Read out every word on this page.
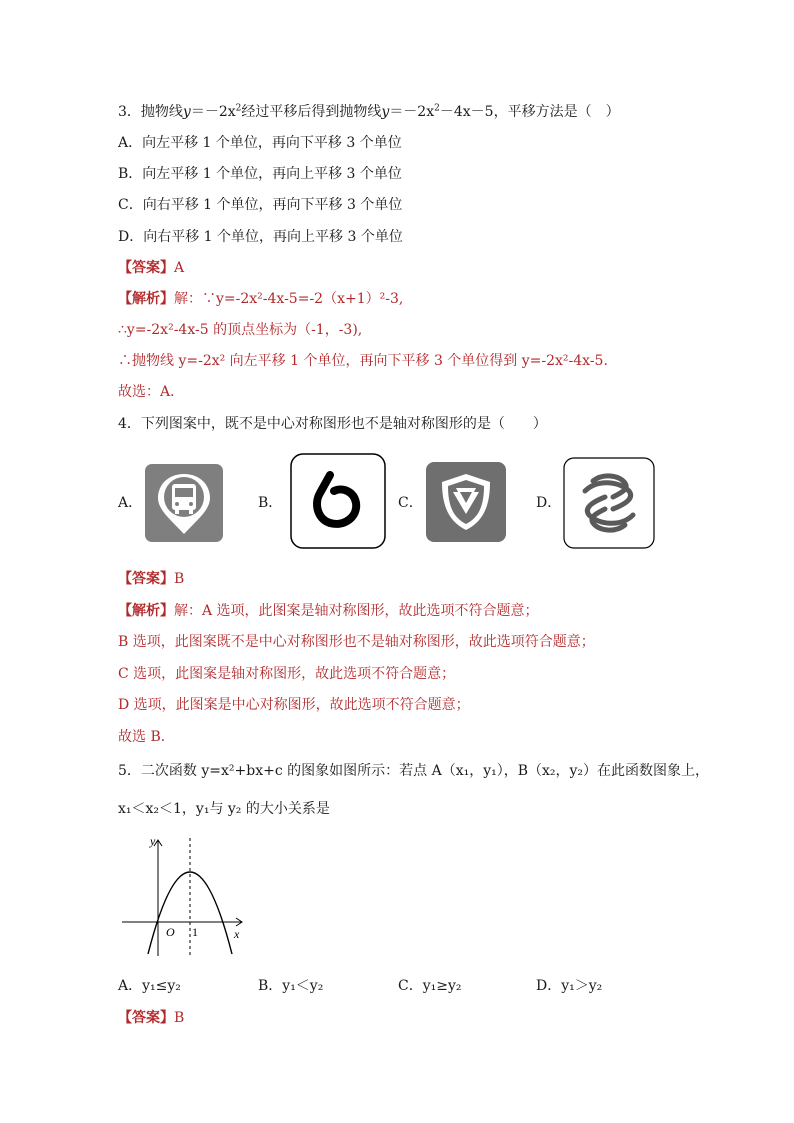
3．抛物线$y=-2x^2$经过平移后得到抛物线$y=-2x^2-4x-5$，平移方法是（　）
A．向左平移 1 个单位，再向下平移 3 个单位
B．向左平移 1 个单位，再向上平移 3 个单位
C．向右平移 1 个单位，再向下平移 3 个单位
D．向右平移 1 个单位，再向上平移 3 个单位
【答案】A
【解析】解：∵y=-2x²-4x-5=-2（x+1）²-3,
∴y=-2x²-4x-5 的顶点坐标为（-1，-3),
∴抛物线 y=-2x² 向左平移 1 个单位，再向下平移 3 个单位得到 y=-2x²-4x-5.
故选：A．
4．下列图案中，既不是中心对称图形也不是轴对称图形的是（　　）
A．	B．	C．	D．
【答案】B
【解析】解：A 选项，此图案是轴对称图形，故此选项不符合题意；
B 选项，此图案既不是中心对称图形也不是轴对称图形，故此选项符合题意；
C 选项，此图案是轴对称图形，故此选项不符合题意；
D 选项，此图案是中心对称图形，故此选项不符合题意；
故选 B．
5．二次函数 y=x²+bx+c 的图象如图所示：若点 A（x₁，y₁），B（x₂，y₂）在此函数图象上，
x₁＜x₂＜1，y₁与 y₂ 的大小关系是
y
x
O 1
A．y₁≤y₂	B．y₁＜y₂	C．y₁≥y₂	D．y₁＞y₂
【答案】B
